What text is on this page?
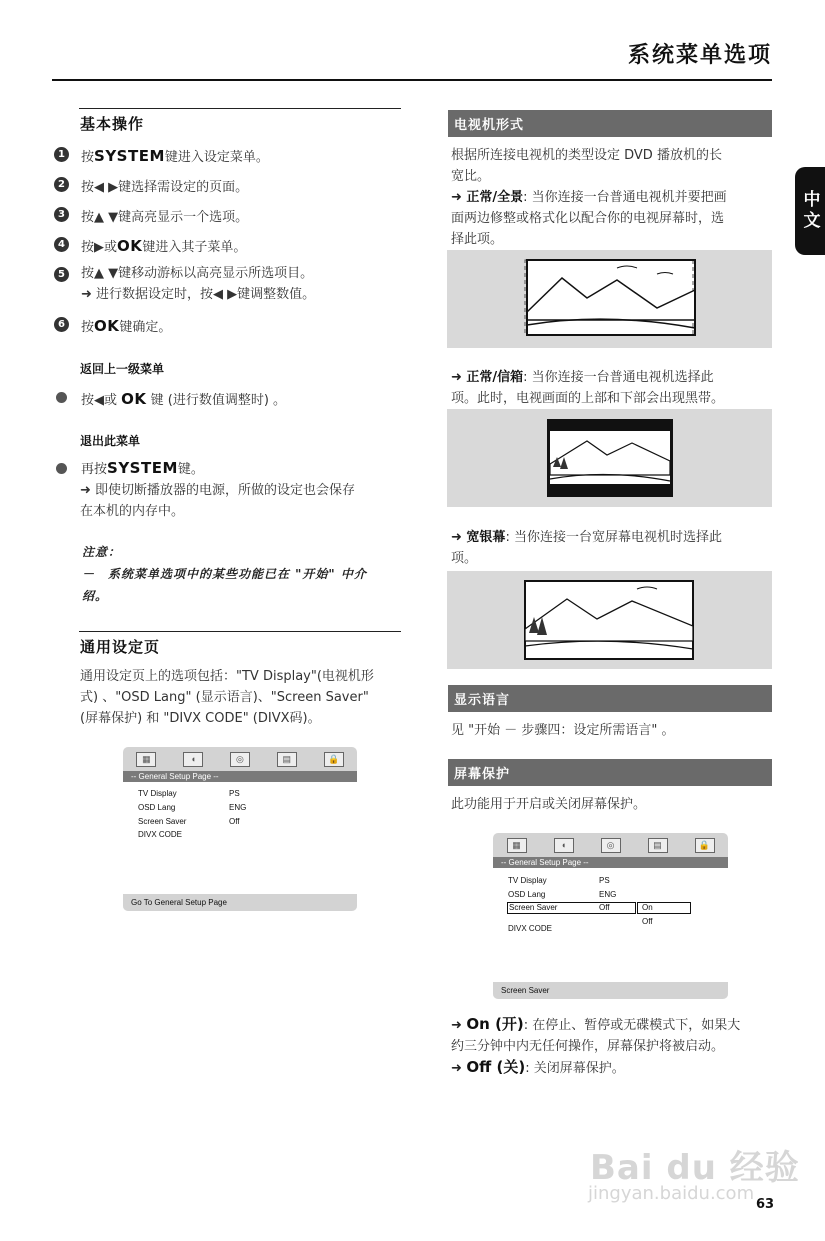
系统菜单选项
中文
基本操作
1	按SYSTEM键进入设定菜单。
2	按◀ ▶键选择需设定的页面。
3	按▲ ▼键高亮显示一个选项。
4	按▶或OK键进入其子菜单。
5	按▲ ▼键移动游标以高亮显示所选项目。
➜ 进行数据设定时，按◀ ▶键调整数值。
6	按OK键确定。
返回上一级菜单
按◀或 OK 键 (进行数值调整时) 。
退出此菜单
再按SYSTEM键。
➜ 即使切断播放器的电源，所做的设定也会保存
在本机的内存中。
注意：
－　系统菜单选项中的某些功能已在 "开始" 中介
绍。
通用设定页
通用设定页上的选项包括："TV Display"(电视机形
式) 、"OSD Lang" (显示语言)、"Screen Saver"
(屏幕保护) 和 "DIVX CODE" (DIVX码)。
▦	◖	◎	▤	🔒
-- General Setup Page --
TV Display	PS
OSD Lang	ENG
Screen Saver	Off
DIVX CODE
Go To General Setup Page
电视机形式
根据所连接电视机的类型设定 DVD 播放机的长
宽比。
➜ 正常/全景: 当你连接一台普通电视机并要把画
面两边修整或格式化以配合你的电视屏幕时，选
择此项。
➜ 正常/信箱: 当你连接一台普通电视机选择此
项。此时，电视画面的上部和下部会出现黑带。
➜ 宽银幕: 当你连接一台宽屏幕电视机时选择此
项。
显示语言
见 "开始 － 步骤四：设定所需语言" 。
屏幕保护
此功能用于开启或关闭屏幕保护。
▦	◖	◎	▤	🔒
-- General Setup Page --
TV Display	PS
OSD Lang	ENG
Screen Saver	Off	On
Off
DIVX CODE
Screen Saver
➜ On (开): 在停止、暂停或无碟模式下，如果大
约三分钟中内无任何操作，屏幕保护将被启动。
➜ Off (关): 关闭屏幕保护。
Bai du 经验
jingyan.baidu.com
63
